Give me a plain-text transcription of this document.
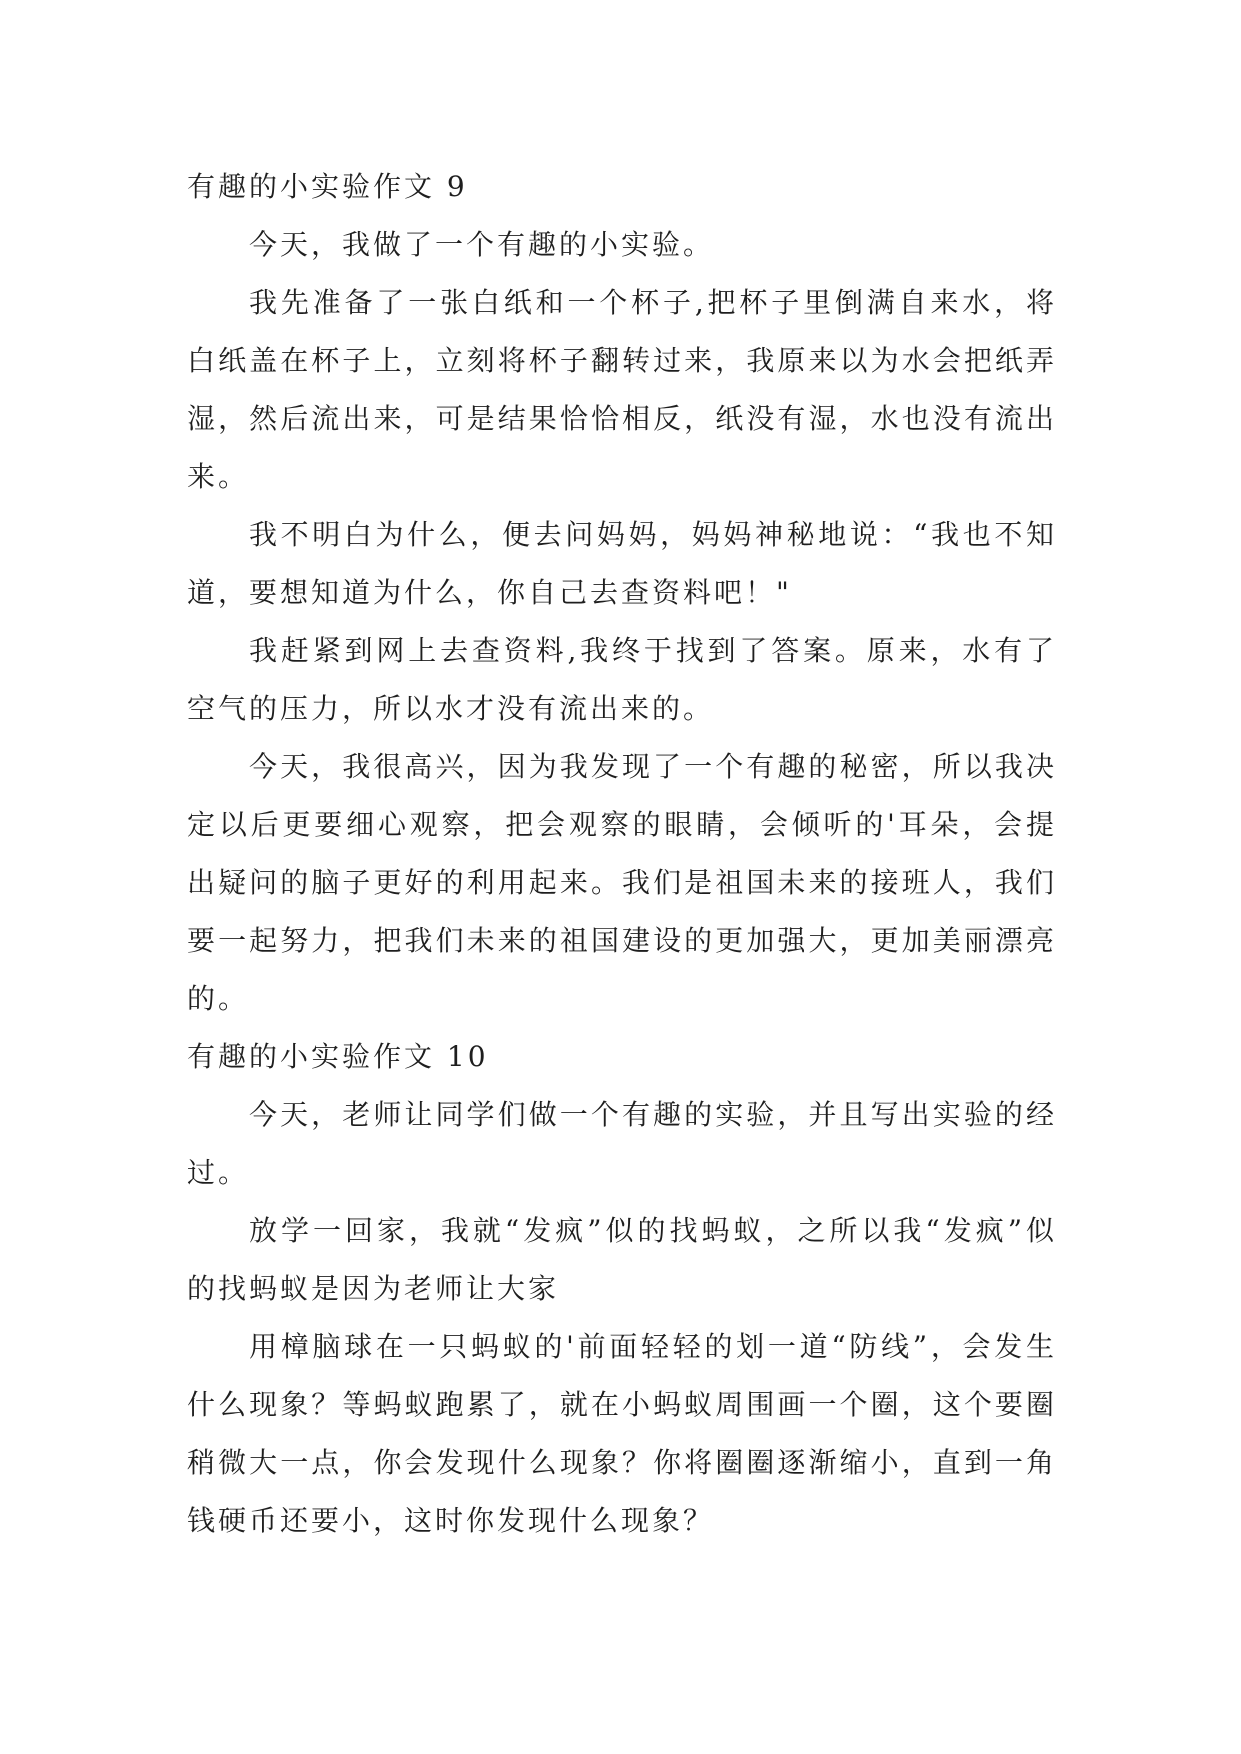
有趣的小实验作文 9

今天，我做了一个有趣的小实验。

我先准备了一张白纸和一个杯子,把杯子里倒满自来水，将白纸盖在杯子上，立刻将杯子翻转过来，我原来以为水会把纸弄湿，然后流出来，可是结果恰恰相反，纸没有湿，水也没有流出来。

我不明白为什么，便去问妈妈，妈妈神秘地说：“我也不知道，要想知道为什么，你自己去查资料吧！"

我赶紧到网上去查资料,我终于找到了答案。原来，水有了空气的压力，所以水才没有流出来的。

今天，我很高兴，因为我发现了一个有趣的秘密，所以我决定以后更要细心观察，把会观察的眼睛，会倾听的'耳朵，会提出疑问的脑子更好的利用起来。我们是祖国未来的接班人，我们要一起努力，把我们未来的祖国建设的更加强大，更加美丽漂亮的。

有趣的小实验作文 10

今天，老师让同学们做一个有趣的实验，并且写出实验的经过。

放学一回家，我就“发疯”似的找蚂蚁，之所以我“发疯”似的找蚂蚁是因为老师让大家

用樟脑球在一只蚂蚁的'前面轻轻的划一道“防线”，会发生什么现象？等蚂蚁跑累了，就在小蚂蚁周围画一个圈，这个要圈稍微大一点，你会发现什么现象？你将圈圈逐渐缩小，直到一角钱硬币还要小，这时你发现什么现象？
